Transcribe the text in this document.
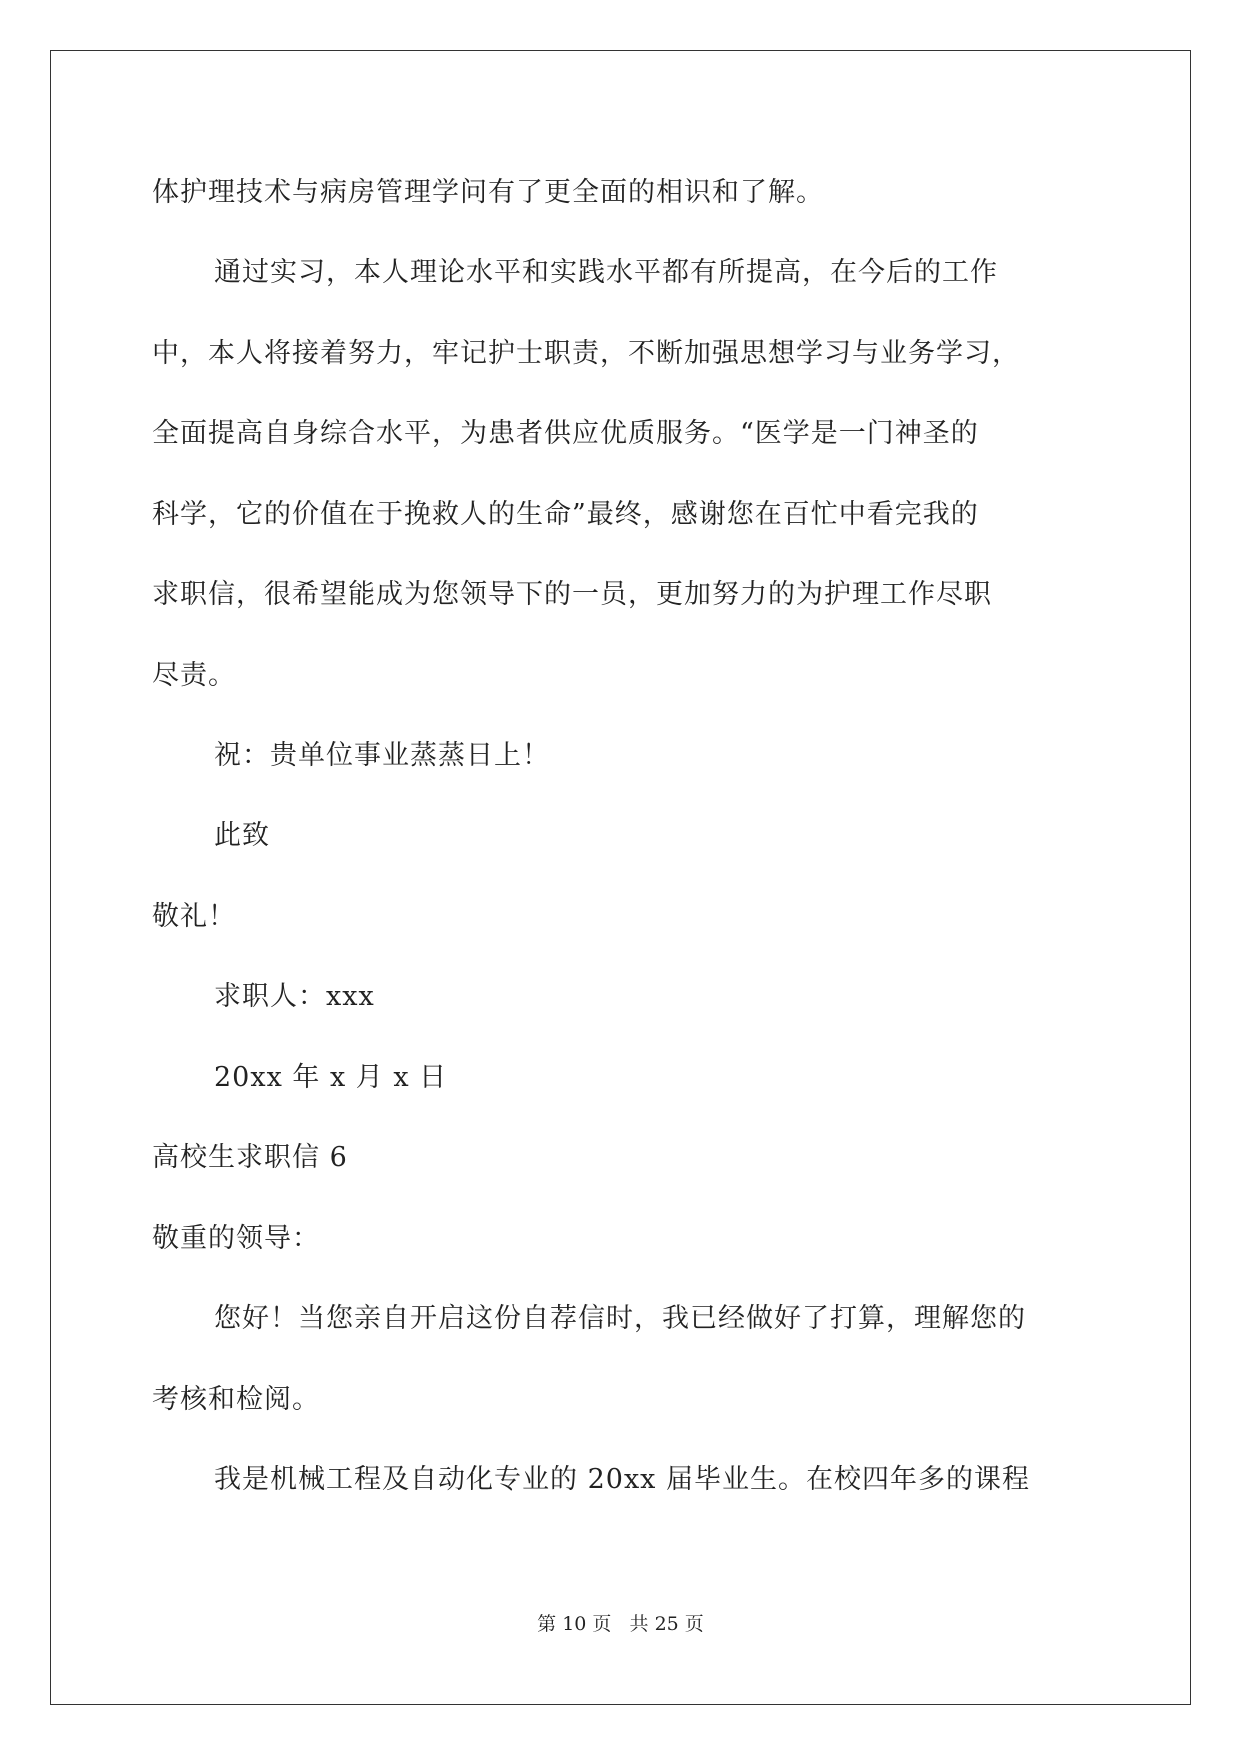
体护理技术与病房管理学问有了更全面的相识和了解。
通过实习，本人理论水平和实践水平都有所提高，在今后的工作
中，本人将接着努力，牢记护士职责，不断加强思想学习与业务学习，
全面提高自身综合水平，为患者供应优质服务。“医学是一门神圣的
科学，它的价值在于挽救人的生命”最终，感谢您在百忙中看完我的
求职信，很希望能成为您领导下的一员，更加努力的为护理工作尽职
尽责。
祝：贵单位事业蒸蒸日上！
此致
敬礼！
求职人：xxx
20xx 年 x 月 x 日
高校生求职信 6
敬重的领导：
您好！当您亲自开启这份自荐信时，我已经做好了打算，理解您的
考核和检阅。
我是机械工程及自动化专业的 20xx 届毕业生。在校四年多的课程
第 10 页   共 25 页
